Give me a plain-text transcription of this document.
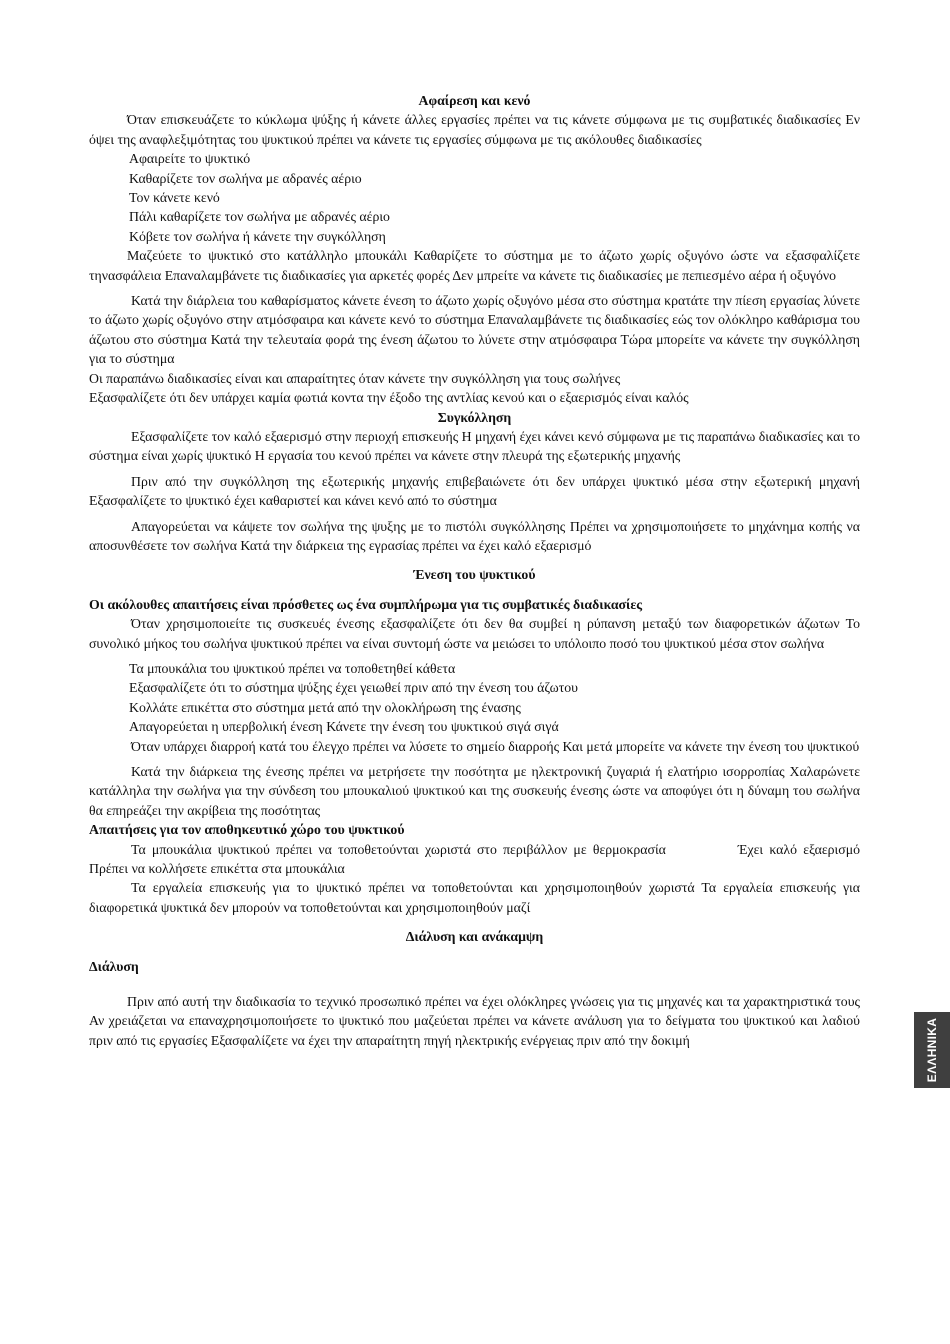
Αφαίρεση και κενό

Όταν επισκευάζετε το κύκλωμα ψύξης ή κάνετε άλλες εργασίες πρέπει να τις κάνετε σύμφωνα με τις συμβατικές διαδικασίες Εν όψει της αναφλεξιμότητας του ψυκτικού πρέπει να κάνετε τις εργασίες σύμφωνα με τις ακόλουθες διαδικασίες

Αφαιρείτε το ψυκτικό

Καθαρίζετε τον σωλήνα με αδρανές αέριο

Τον κάνετε κενό

Πάλι καθαρίζετε τον σωλήνα με αδρανές αέριο

Κόβετε τον σωλήνα ή κάνετε την συγκόλληση

Μαζεύετε το ψυκτικό στο κατάλληλο μπουκάλι Καθαρίζετε το σύστημα με το άζωτο χωρίς οξυγόνο ώστε να εξασφαλίζετε τηνασφάλεια Επαναλαμβάνετε τις διαδικασίες για αρκετές φορές Δεν μπρείτε να κάνετε τις διαδικασίες με πεπιεσμένο αέρα ή οξυγόνο

Κατά την διάρλεια του καθαρίσματος κάνετε ένεση το άζωτο χωρίς οξυγόνο μέσα στο σύστημα κρατάτε την πίεση εργασίας λύνετε το άζωτο χωρίς οξυγόνο στην ατμόσφαιρα και κάνετε κενό το σύστημα Επαναλαμβάνετε τις διαδικασίες εώς τον ολόκληρο καθάρισμα του άζωτου στο σύστημα Κατά την τελευταία φορά της ένεση άζωτου το λύνετε στην ατμόσφαιρα Τώρα μπορείτε να κάνετε την συγκόλληση για το σύστημα

Οι παραπάνω διαδικασίες είναι και απαραίτητες όταν κάνετε την συγκόλληση για τους σωλήνες

Εξασφαλίζετε ότι δεν υπάρχει καμία φωτιά κοντα την έξοδο της αντλίας κενού και ο εξαερισμός είναι καλός

Συγκόλληση

Εξασφαλίζετε τον καλό εξαερισμό στην περιοχή επισκευής Η μηχανή έχει κάνει κενό σύμφωνα με τις παραπάνω διαδικασίες και το σύστημα είναι χωρίς ψυκτικό Η εργασία του κενού πρέπει να κάνετε στην πλευρά της εξωτερικής μηχανής

Πριν από την συγκόλληση της εξωτερικής μηχανής επιβεβαιώνετε ότι δεν υπάρχει ψυκτικό μέσα στην εξωτερική μηχανή Εξασφαλίζετε το ψυκτικό έχει καθαριστεί και κάνει κενό από το σύστημα

Απαγορεύεται να κάψετε τον σωλήνα της ψυξης με το πιστόλι συγκόλλησης Πρέπει να χρησιμοποιήσετε το μηχάνημα κοπής να αποσυνθέσετε τον σωλήνα Κατά την διάρκεια της εγρασίας πρέπει να έχει καλό εξαερισμό

Ένεση του ψυκτικού

Οι ακόλουθες απαιτήσεις είναι πρόσθετες ως ένα συμπλήρωμα για τις συμβατικές διαδικασίες

Όταν χρησιμοποιείτε τις συσκευές ένεσης εξασφαλίζετε ότι δεν θα συμβεί η ρύπανση μεταξύ των διαφορετικών άζωτων Το συνολικό μήκος του σωλήνα ψυκτικού πρέπει να είναι συντομή ώστε να μειώσει το υπόλοιπο ποσό του ψυκτικού μέσα στον σωλήνα

Τα μπουκάλια του ψυκτικού πρέπει να τοποθετηθεί κάθετα

Εξασφαλίζετε ότι το σύστημα ψύξης έχει γειωθεί πριν από την ένεση του άζωτου

Κολλάτε επικέττα στο σύστημα μετά από την ολοκλήρωση της ένασης

Απαγορεύεται η υπερβολική ένεση Κάνετε την ένεση του ψυκτικού σιγά σιγά

Όταν υπάρχει διαρροή κατά του έλεγχο πρέπει να λύσετε το σημείο διαρροής Και μετά μπορείτε να κάνετε την ένεση του ψυκτικού

Κατά την διάρκεια της ένεσης πρέπει να μετρήσετε την ποσότητα με ηλεκτρονική ζυγαριά ή ελατήριο ισορροπίας Χαλαρώνετε κατάλληλα την σωλήνα για την σύνδεση του μπουκαλιού ψυκτικού και της συσκευής ένεσης ώστε να αποφύγει ότι η δύναμη του σωλήνα θα επηρεάζει την ακρίβεια της ποσότητας

Απαιτήσεις για τον αποθηκευτικό χώρο του ψυκτικού

Τα μπουκάλια ψυκτικού πρέπει να τοποθετούνται χωριστά στο περιβάλλον με θερμοκρασία	Έχει καλό εξαερισμό Πρέπει να κολλήσετε επικέττα στα μπουκάλια

Τα εργαλεία επισκευής για το ψυκτικό πρέπει να τοποθετούνται και χρησιμοποιηθούν χωριστά Τα εργαλεία επισκευής για διαφορετικά ψυκτικά δεν μπορούν να τοποθετούνται και χρησιμοποιηθούν μαζί

Διάλυση και ανάκαμψη

Διάλυση

Πριν από αυτή την διαδικασία το τεχνικό προσωπικό πρέπει να έχει ολόκληρες γνώσεις για τις μηχανές και τα χαρακτηριστικά τους Αν χρειάζεται να επαναχρησιμοποιήσετε το ψυκτικό που μαζεύεται πρέπει να κάνετε ανάλυση για το δείγματα του ψυκτικού και λαδιού πριν από τις εργασίες Εξασφαλίζετε να έχει την απαραίτητη πηγή ηλεκτρικής ενέργειας πριν από την δοκιμή	ΕΛΛΗΝΙΚΑ
